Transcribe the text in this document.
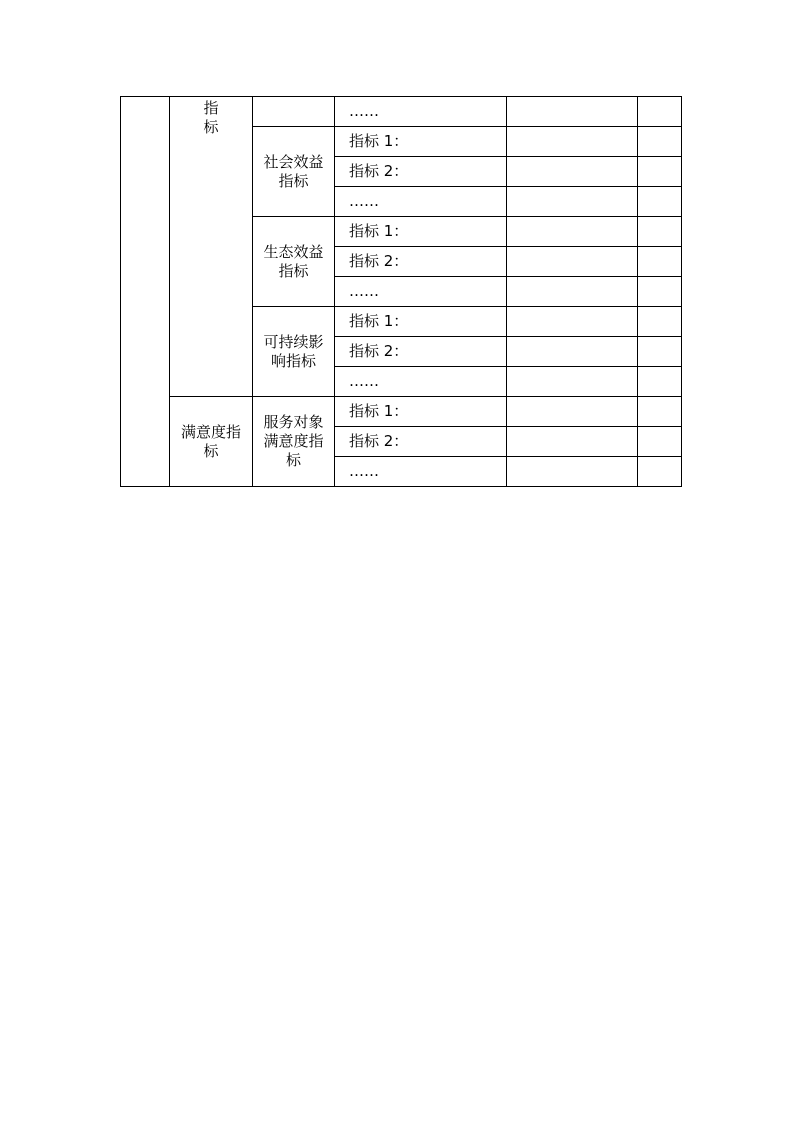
	指标		……		
		社会效益指标	指标 1：		
			指标 2：		
			……		
		生态效益指标	指标 1：		
			指标 2：		
			……		
		可持续影响指标	指标 1：		
			指标 2：		
			……		
	满意度指标	服务对象满意度指标	指标 1：		
			指标 2：		
			……		
